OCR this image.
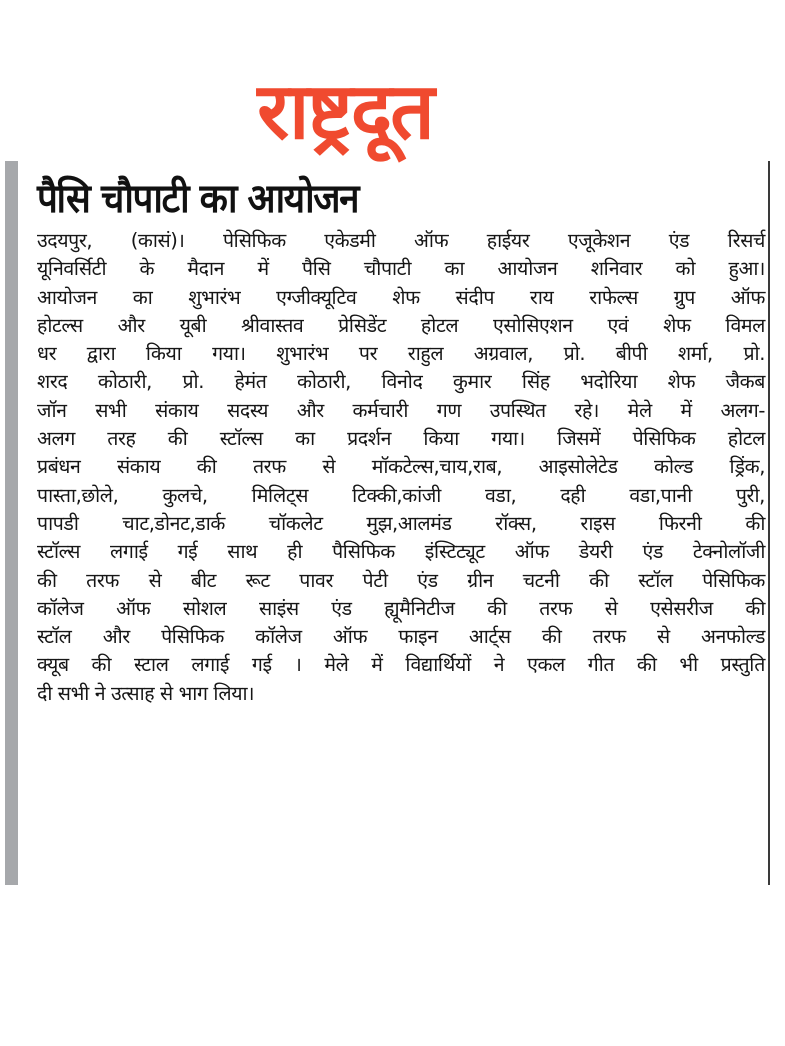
राष्ट्रदूत
पैसि चौपाटी का आयोजन
उदयपुर, (कासं)। पेसिफिक एकेडमी ऑफ हाईयर एजूकेशन एंड रिसर्च
यूनिवर्सिटी के मैदान में पैसि चौपाटी का आयोजन शनिवार को हुआ।
आयोजन का शुभारंभ एग्जीक्यूटिव शेफ संदीप राय राफेल्स ग्रुप ऑफ
होटल्स और यूबी श्रीवास्तव प्रेसिडेंट होटल एसोसिएशन एवं शेफ विमल
धर द्वारा किया गया। शुभारंभ पर राहुल अग्रवाल, प्रो. बीपी शर्मा, प्रो.
शरद कोठारी, प्रो. हेमंत कोठारी, विनोद कुमार सिंह भदोरिया शेफ जैकब
जॉन सभी संकाय सदस्य और कर्मचारी गण उपस्थित रहे। मेले में अलग-
अलग तरह की स्टॉल्स का प्रदर्शन किया गया। जिसमें पेसिफिक होटल
प्रबंधन संकाय की तरफ से मॉकटेल्स,चाय,राब, आइसोलेटेड कोल्ड ड्रिंक,
पास्ता,छोले, कुलचे, मिलिट्स टिक्की,कांजी वडा, दही वडा,पानी पुरी,
पापडी चाट,डोनट,डार्क चॉकलेट मुझ,आलमंड रॉक्स, राइस फिरनी की
स्टॉल्स लगाई गई साथ ही पैसिफिक इंस्टिट्यूट ऑफ डेयरी एंड टेक्नोलॉजी
की तरफ से बीट रूट पावर पेटी एंड ग्रीन चटनी की स्टॉल पेसिफिक
कॉलेज ऑफ सोशल साइंस एंड ह्यूमैनिटीज की तरफ से एसेसरीज की
स्टॉल और पेसिफिक कॉलेज ऑफ फाइन आर्ट्स की तरफ से अनफोल्ड
क्यूब की स्टाल लगाई गई । मेले में विद्यार्थियों ने एकल गीत की भी प्रस्तुति
दी सभी ने उत्साह से भाग लिया।
